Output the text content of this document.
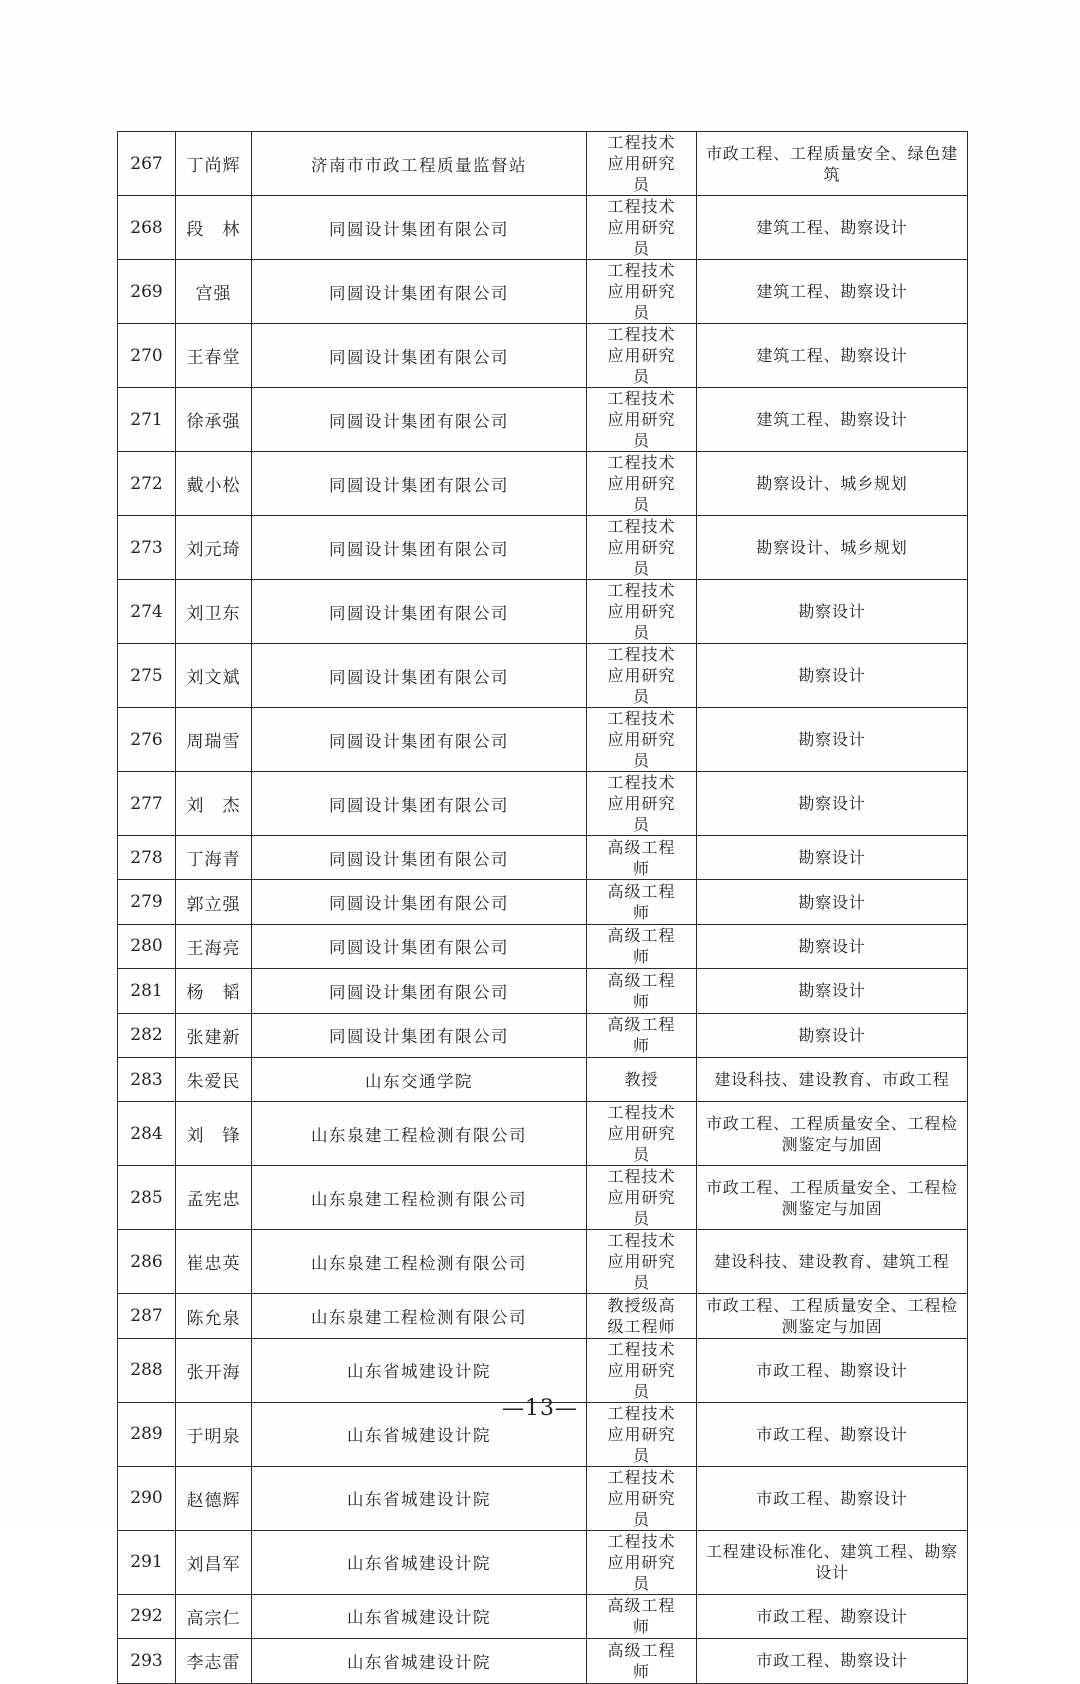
267	丁尚辉	济南市市政工程质量监督站	工程技术应用研究员	市政工程、工程质量安全、绿色建筑

268	段　林	同圆设计集团有限公司	工程技术应用研究员	建筑工程、勘察设计

269	宫强	同圆设计集团有限公司	工程技术应用研究员	建筑工程、勘察设计

270	王春堂	同圆设计集团有限公司	工程技术应用研究员	建筑工程、勘察设计

271	徐承强	同圆设计集团有限公司	工程技术应用研究员	建筑工程、勘察设计

272	戴小松	同圆设计集团有限公司	工程技术应用研究员	勘察设计、城乡规划

273	刘元琦	同圆设计集团有限公司	工程技术应用研究员	勘察设计、城乡规划

274	刘卫东	同圆设计集团有限公司	工程技术应用研究员	勘察设计

275	刘文斌	同圆设计集团有限公司	工程技术应用研究员	勘察设计

276	周瑞雪	同圆设计集团有限公司	工程技术应用研究员	勘察设计

277	刘　杰	同圆设计集团有限公司	工程技术应用研究员	勘察设计

278	丁海青	同圆设计集团有限公司	高级工程师	勘察设计

279	郭立强	同圆设计集团有限公司	高级工程师	勘察设计

280	王海亮	同圆设计集团有限公司	高级工程师	勘察设计

281	杨　韬	同圆设计集团有限公司	高级工程师	勘察设计

282	张建新	同圆设计集团有限公司	高级工程师	勘察设计

283	朱爱民	山东交通学院	教授	建设科技、建设教育、市政工程

284	刘　锋	山东泉建工程检测有限公司	工程技术应用研究员	市政工程、工程质量安全、工程检测鉴定与加固

285	孟宪忠	山东泉建工程检测有限公司	工程技术应用研究员	市政工程、工程质量安全、工程检测鉴定与加固

286	崔忠英	山东泉建工程检测有限公司	工程技术应用研究员	建设科技、建设教育、建筑工程

287	陈允泉	山东泉建工程检测有限公司	教授级高级工程师	市政工程、工程质量安全、工程检测鉴定与加固

288	张开海	山东省城建设计院	工程技术应用研究员	市政工程、勘察设计

289	于明泉	山东省城建设计院	工程技术应用研究员	市政工程、勘察设计

290	赵德辉	山东省城建设计院	工程技术应用研究员	市政工程、勘察设计

291	刘昌军	山东省城建设计院	工程技术应用研究员	工程建设标准化、建筑工程、勘察设计

292	高宗仁	山东省城建设计院	高级工程师	市政工程、勘察设计

293	李志雷	山东省城建设计院	高级工程师	市政工程、勘察设计
—13—
